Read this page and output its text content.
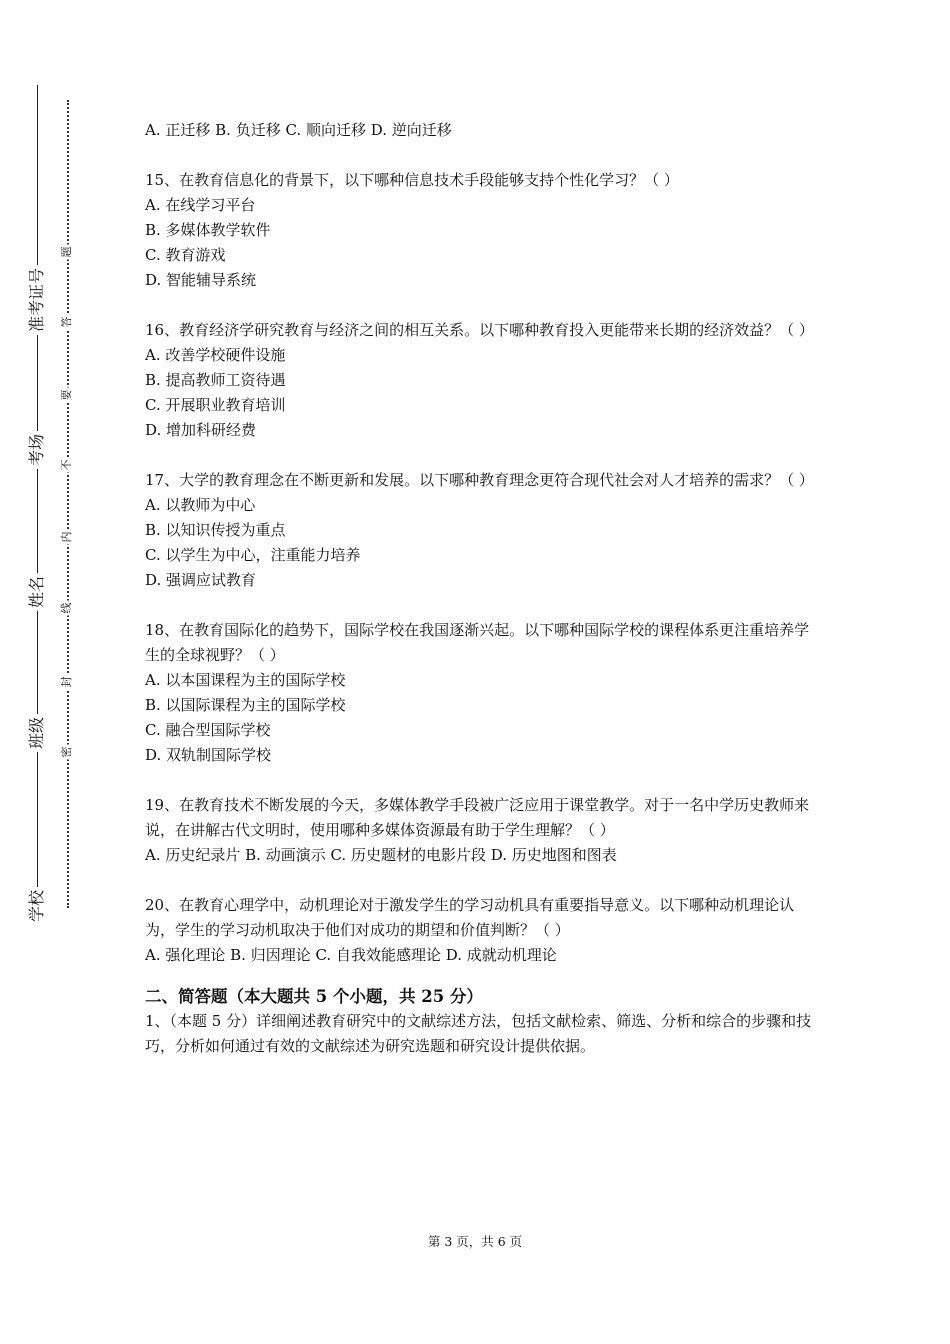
准考证号
考场
姓名
班级
学校
题
答
要
不
内
线
封
密

A. 正迁移 B. 负迁移 C. 顺向迁移 D. 逆向迁移

15、在教育信息化的背景下，以下哪种信息技术手段能够支持个性化学习？（ ）

A. 在线学习平台

B. 多媒体教学软件

C. 教育游戏

D. 智能辅导系统

16、教育经济学研究教育与经济之间的相互关系。以下哪种教育投入更能带来长期的经济效益？（ ）

A. 改善学校硬件设施

B. 提高教师工资待遇

C. 开展职业教育培训

D. 增加科研经费

17、大学的教育理念在不断更新和发展。以下哪种教育理念更符合现代社会对人才培养的需求？（ ）

A. 以教师为中心

B. 以知识传授为重点

C. 以学生为中心，注重能力培养

D. 强调应试教育

18、在教育国际化的趋势下，国际学校在我国逐渐兴起。以下哪种国际学校的课程体系更注重培养学生的全球视野？（ ）

A. 以本国课程为主的国际学校

B. 以国际课程为主的国际学校

C. 融合型国际学校

D. 双轨制国际学校

19、在教育技术不断发展的今天，多媒体教学手段被广泛应用于课堂教学。对于一名中学历史教师来说，在讲解古代文明时，使用哪种多媒体资源最有助于学生理解？（ ）

A. 历史纪录片 B. 动画演示 C. 历史题材的电影片段 D. 历史地图和图表

20、在教育心理学中，动机理论对于激发学生的学习动机具有重要指导意义。以下哪种动机理论认为，学生的学习动机取决于他们对成功的期望和价值判断？（ ）

A. 强化理论 B. 归因理论 C. 自我效能感理论 D. 成就动机理论

二、简答题（本大题共 5 个小题，共 25 分）

1、（本题 5 分）详细阐述教育研究中的文献综述方法，包括文献检索、筛选、分析和综合的步骤和技巧，分析如何通过有效的文献综述为研究选题和研究设计提供依据。

第 3 页，共 6 页
